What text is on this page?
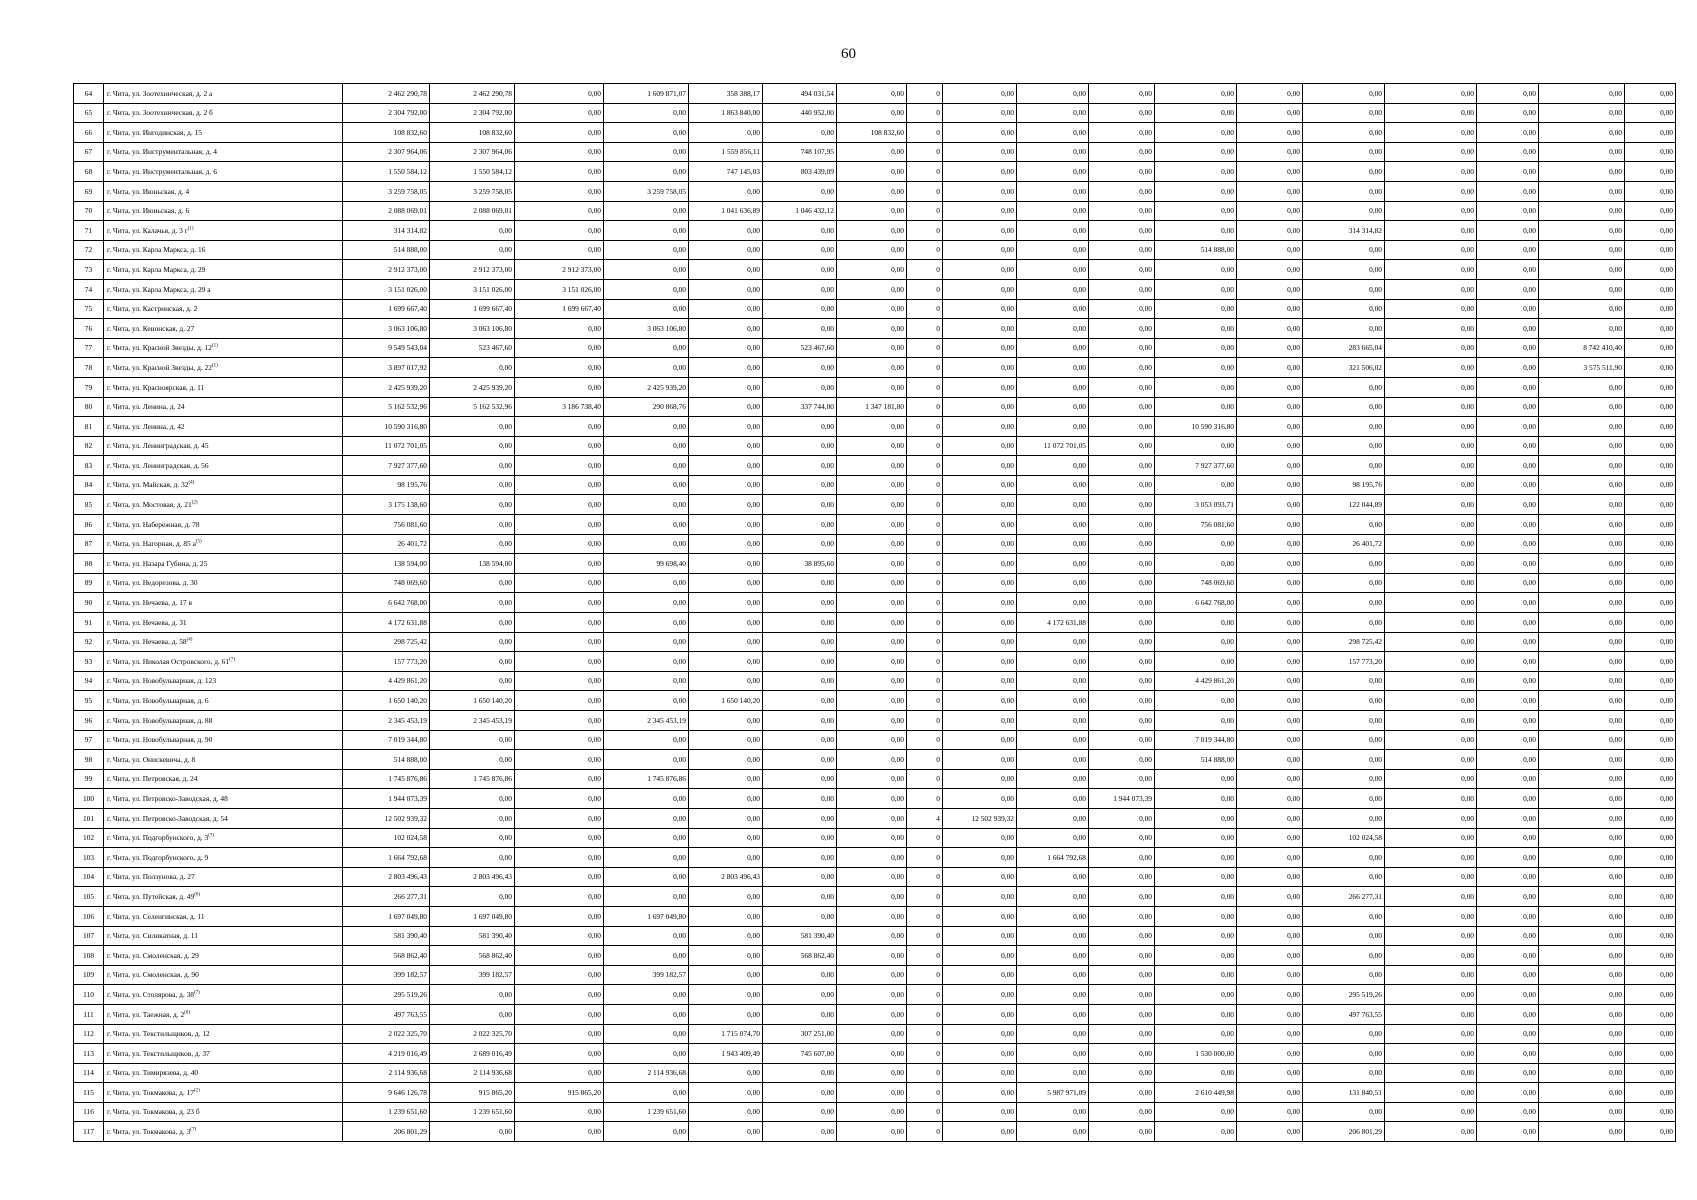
60
64	г. Чита, ул. Зоотехническая, д. 2 а	2 462 290,78	2 462 290,78	0,00	1 609 871,07	358 388,17	494 031,54	0,00	0	0,00	0,00	0,00	0,00	0,00	0,00	0,00	0,00	0,00	0,00
65	г. Чита, ул. Зоотехническая, д. 2 б	2 304 792,00	2 304 792,00	0,00	0,00	1 863 840,00	440 952,00	0,00	0	0,00	0,00	0,00	0,00	0,00	0,00	0,00	0,00	0,00	0,00
66	г. Чита, ул. Ингодинская, д. 15	108 832,60	108 832,60	0,00	0,00	0,00	0,00	108 832,60	0	0,00	0,00	0,00	0,00	0,00	0,00	0,00	0,00	0,00	0,00
67	г. Чита, ул. Инструментальная, д. 4	2 307 964,06	2 307 964,06	0,00	0,00	1 559 856,11	748 107,95	0,00	0	0,00	0,00	0,00	0,00	0,00	0,00	0,00	0,00	0,00	0,00
68	г. Чита, ул. Инструментальная, д. 6	1 550 584,12	1 550 584,12	0,00	0,00	747 145,03	803 439,09	0,00	0	0,00	0,00	0,00	0,00	0,00	0,00	0,00	0,00	0,00	0,00
69	г. Чита, ул. Июньская, д. 4	3 259 758,05	3 259 758,05	0,00	3 259 758,05	0,00	0,00	0,00	0	0,00	0,00	0,00	0,00	0,00	0,00	0,00	0,00	0,00	0,00
70	г. Чита, ул. Июньская, д. 6	2 088 069,01	2 088 069,01	0,00	0,00	1 041 636,89	1 046 432,12	0,00	0	0,00	0,00	0,00	0,00	0,00	0,00	0,00	0,00	0,00	0,00
71	г. Чита, ул. Калачья, д. 3 $г^{(1)}$	314 314,82	0,00	0,00	0,00	0,00	0,00	0,00	0	0,00	0,00	0,00	0,00	0,00	314 314,82	0,00	0,00	0,00	0,00
72	г. Чита, ул. Карла Маркса, д. 16	514 888,00	0,00	0,00	0,00	0,00	0,00	0,00	0	0,00	0,00	0,00	514 888,00	0,00	0,00	0,00	0,00	0,00	0,00
73	г. Чита, ул. Карла Маркса, д. 29	2 912 373,00	2 912 373,00	2 912 373,00	0,00	0,00	0,00	0,00	0	0,00	0,00	0,00	0,00	0,00	0,00	0,00	0,00	0,00	0,00
74	г. Чита, ул. Карла Маркса, д. 29 а	3 151 026,00	3 151 026,00	3 151 026,00	0,00	0,00	0,00	0,00	0	0,00	0,00	0,00	0,00	0,00	0,00	0,00	0,00	0,00	0,00
75	г. Чита, ул. Кастринская, д. 2	1 699 667,40	1 699 667,40	1 699 667,40	0,00	0,00	0,00	0,00	0	0,00	0,00	0,00	0,00	0,00	0,00	0,00	0,00	0,00	0,00
76	г. Чита, ул. Кенонская, д. 27	3 063 106,80	3 063 106,80	0,00	3 063 106,80	0,00	0,00	0,00	0	0,00	0,00	0,00	0,00	0,00	0,00	0,00	0,00	0,00	0,00
77	г. Чита, ул. Красной Звезды, д. 12$^{(1)}$	9 549 543,04	523 467,60	0,00	0,00	0,00	523 467,60	0,00	0	0,00	0,00	0,00	0,00	0,00	283 665,04	0,00	0,00	8 742 410,40	0,00
78	г. Чита, ул. Красной Звезды, д. 22$^{(1)}$	3 897 017,92	0,00	0,00	0,00	0,00	0,00	0,00	0	0,00	0,00	0,00	0,00	0,00	321 506,02	0,00	0,00	3 575 511,90	0,00
79	г. Чита, ул. Красноярская, д. 11	2 425 939,20	2 425 939,20	0,00	2 425 939,20	0,00	0,00	0,00	0	0,00	0,00	0,00	0,00	0,00	0,00	0,00	0,00	0,00	0,00
80	г. Чита, ул. Ленина, д. 24	5 162 532,96	5 162 532,96	3 186 738,40	290 868,76	0,00	337 744,00	1 347 181,80	0	0,00	0,00	0,00	0,00	0,00	0,00	0,00	0,00	0,00	0,00
81	г. Чита, ул. Ленина, д. 42	10 590 316,80	0,00	0,00	0,00	0,00	0,00	0,00	0	0,00	0,00	0,00	10 590 316,80	0,00	0,00	0,00	0,00	0,00	0,00
82	г. Чита, ул. Ленинградская, д. 45	11 072 701,05	0,00	0,00	0,00	0,00	0,00	0,00	0	0,00	11 072 701,05	0,00	0,00	0,00	0,00	0,00	0,00	0,00	0,00
83	г. Чита, ул. Ленинградская, д. 56	7 927 377,60	0,00	0,00	0,00	0,00	0,00	0,00	0	0,00	0,00	0,00	7 927 377,60	0,00	0,00	0,00	0,00	0,00	0,00
84	г. Чита, ул. Майская, д. 32$^{(4)}$	98 195,76	0,00	0,00	0,00	0,00	0,00	0,00	0	0,00	0,00	0,00	0,00	0,00	98 195,76	0,00	0,00	0,00	0,00
85	г. Чита, ул. Мостовая, д. 21$^{(2)}$	3 175 138,60	0,00	0,00	0,00	0,00	0,00	0,00	0	0,00	0,00	0,00	3 053 093,71	0,00	122 044,89	0,00	0,00	0,00	0,00
86	г. Чита, ул. Набережная, д. 78	756 081,60	0,00	0,00	0,00	0,00	0,00	0,00	0	0,00	0,00	0,00	756 081,60	0,00	0,00	0,00	0,00	0,00	0,00
87	г. Чита, ул. Нагорная, д. 85 $а^{(5)}$	26 401,72	0,00	0,00	0,00	0,00	0,00	0,00	0	0,00	0,00	0,00	0,00	0,00	26 401,72	0,00	0,00	0,00	0,00
88	г. Чита, ул. Назара Губина, д. 25	138 594,00	138 594,00	0,00	99 698,40	0,00	38 895,60	0,00	0	0,00	0,00	0,00	0,00	0,00	0,00	0,00	0,00	0,00	0,00
89	г. Чита, ул. Недорезова, д. 30	748 069,60	0,00	0,00	0,00	0,00	0,00	0,00	0	0,00	0,00	0,00	748 069,60	0,00	0,00	0,00	0,00	0,00	0,00
90	г. Чита, ул. Нечаева, д. 17 в	6 642 768,00	0,00	0,00	0,00	0,00	0,00	0,00	0	0,00	0,00	0,00	6 642 768,00	0,00	0,00	0,00	0,00	0,00	0,00
91	г. Чита, ул. Нечаева, д. 31	4 172 631,88	0,00	0,00	0,00	0,00	0,00	0,00	0	0,00	4 172 631,88	0,00	0,00	0,00	0,00	0,00	0,00	0,00	0,00
92	г. Чита, ул. Нечаева, д. 58$^{(4)}$	298 725,42	0,00	0,00	0,00	0,00	0,00	0,00	0	0,00	0,00	0,00	0,00	0,00	298 725,42	0,00	0,00	0,00	0,00
93	г. Чита, ул. Николая Островского, д. 61$^{(7)}$	157 773,20	0,00	0,00	0,00	0,00	0,00	0,00	0	0,00	0,00	0,00	0,00	0,00	157 773,20	0,00	0,00	0,00	0,00
94	г. Чита, ул. Новобульварная, д. 123	4 429 861,20	0,00	0,00	0,00	0,00	0,00	0,00	0	0,00	0,00	0,00	4 429 861,20	0,00	0,00	0,00	0,00	0,00	0,00
95	г. Чита, ул. Новобульварная, д. 6	1 650 140,20	1 650 140,20	0,00	0,00	1 650 140,20	0,00	0,00	0	0,00	0,00	0,00	0,00	0,00	0,00	0,00	0,00	0,00	0,00
96	г. Чита, ул. Новобульварная, д. 88	2 345 453,19	2 345 453,19	0,00	2 345 453,19	0,00	0,00	0,00	0	0,00	0,00	0,00	0,00	0,00	0,00	0,00	0,00	0,00	0,00
97	г. Чита, ул. Новобульварная, д. 90	7 019 344,80	0,00	0,00	0,00	0,00	0,00	0,00	0	0,00	0,00	0,00	7 019 344,80	0,00	0,00	0,00	0,00	0,00	0,00
98	г. Чита, ул. Онискевича, д. 8	514 888,00	0,00	0,00	0,00	0,00	0,00	0,00	0	0,00	0,00	0,00	514 888,00	0,00	0,00	0,00	0,00	0,00	0,00
99	г. Чита, ул. Петровская, д. 24	1 745 876,86	1 745 876,86	0,00	1 745 876,86	0,00	0,00	0,00	0	0,00	0,00	0,00	0,00	0,00	0,00	0,00	0,00	0,00	0,00
100	г. Чита, ул. Петровско-Заводская, д. 48	1 944 073,39	0,00	0,00	0,00	0,00	0,00	0,00	0	0,00	0,00	1 944 073,39	0,00	0,00	0,00	0,00	0,00	0,00	0,00
101	г. Чита, ул. Петровско-Заводская, д. 54	12 502 939,32	0,00	0,00	0,00	0,00	0,00	0,00	4	12 502 939,32	0,00	0,00	0,00	0,00	0,00	0,00	0,00	0,00	0,00
102	г. Чита, ул. Подгорбунского, д. 3$^{(7)}$	102 024,58	0,00	0,00	0,00	0,00	0,00	0,00	0	0,00	0,00	0,00	0,00	0,00	102 024,58	0,00	0,00	0,00	0,00
103	г. Чита, ул. Подгорбунского, д. 9	1 664 792,68	0,00	0,00	0,00	0,00	0,00	0,00	0	0,00	1 664 792,68	0,00	0,00	0,00	0,00	0,00	0,00	0,00	0,00
104	г. Чита, ул. Ползунова, д. 27	2 803 496,43	2 803 496,43	0,00	0,00	2 803 496,43	0,00	0,00	0	0,00	0,00	0,00	0,00	0,00	0,00	0,00	0,00	0,00	0,00
105	г. Чита, ул. Путейская, д. 49$^{(6)}$	266 277,31	0,00	0,00	0,00	0,00	0,00	0,00	0	0,00	0,00	0,00	0,00	0,00	266 277,31	0,00	0,00	0,00	0,00
106	г. Чита, ул. Селенгинская, д. 11	1 697 049,80	1 697 049,80	0,00	1 697 049,80	0,00	0,00	0,00	0	0,00	0,00	0,00	0,00	0,00	0,00	0,00	0,00	0,00	0,00
107	г. Чита, ул. Силикатная, д. 11	581 390,40	581 390,40	0,00	0,00	0,00	581 390,40	0,00	0	0,00	0,00	0,00	0,00	0,00	0,00	0,00	0,00	0,00	0,00
108	г. Чита, ул. Смоленская, д. 29	568 862,40	568 862,40	0,00	0,00	0,00	568 862,40	0,00	0	0,00	0,00	0,00	0,00	0,00	0,00	0,00	0,00	0,00	0,00
109	г. Чита, ул. Смоленская, д. 90	399 182,57	399 182,57	0,00	399 182,57	0,00	0,00	0,00	0	0,00	0,00	0,00	0,00	0,00	0,00	0,00	0,00	0,00	0,00
110	г. Чита, ул. Столярова, д. 38$^{(7)}$	295 519,26	0,00	0,00	0,00	0,00	0,00	0,00	0	0,00	0,00	0,00	0,00	0,00	295 519,26	0,00	0,00	0,00	0,00
111	г. Чита, ул. Таежная, д. 2$^{(6)}$	497 763,55	0,00	0,00	0,00	0,00	0,00	0,00	0	0,00	0,00	0,00	0,00	0,00	497 763,55	0,00	0,00	0,00	0,00
112	г. Чита, ул. Текстильщиков, д. 12	2 022 325,70	2 022 325,70	0,00	0,00	1 715 074,70	307 251,00	0,00	0	0,00	0,00	0,00	0,00	0,00	0,00	0,00	0,00	0,00	0,00
113	г. Чита, ул. Текстильщиков, д. 37	4 219 016,49	2 689 016,49	0,00	0,00	1 943 409,49	745 607,00	0,00	0	0,00	0,00	0,00	1 530 000,00	0,00	0,00	0,00	0,00	0,00	0,00
114	г. Чита, ул. Тимирязева, д. 40	2 114 936,68	2 114 936,68	0,00	2 114 936,68	0,00	0,00	0,00	0	0,00	0,00	0,00	0,00	0,00	0,00	0,00	0,00	0,00	0,00
115	г. Чита, ул. Токмакова, д. 17$^{(2)}$	9 646 126,78	915 865,20	915 865,20	0,00	0,00	0,00	0,00	0	0,00	5 987 971,09	0,00	2 610 449,98	0,00	131 840,51	0,00	0,00	0,00	0,00
116	г. Чита, ул. Токмакова, д. 23 б	1 239 651,60	1 239 651,60	0,00	1 239 651,60	0,00	0,00	0,00	0	0,00	0,00	0,00	0,00	0,00	0,00	0,00	0,00	0,00	0,00
117	г. Чита, ул. Токмакова, д. 3$^{(7)}$	206 801,29	0,00	0,00	0,00	0,00	0,00	0,00	0	0,00	0,00	0,00	0,00	0,00	206 801,29	0,00	0,00	0,00	0,00
